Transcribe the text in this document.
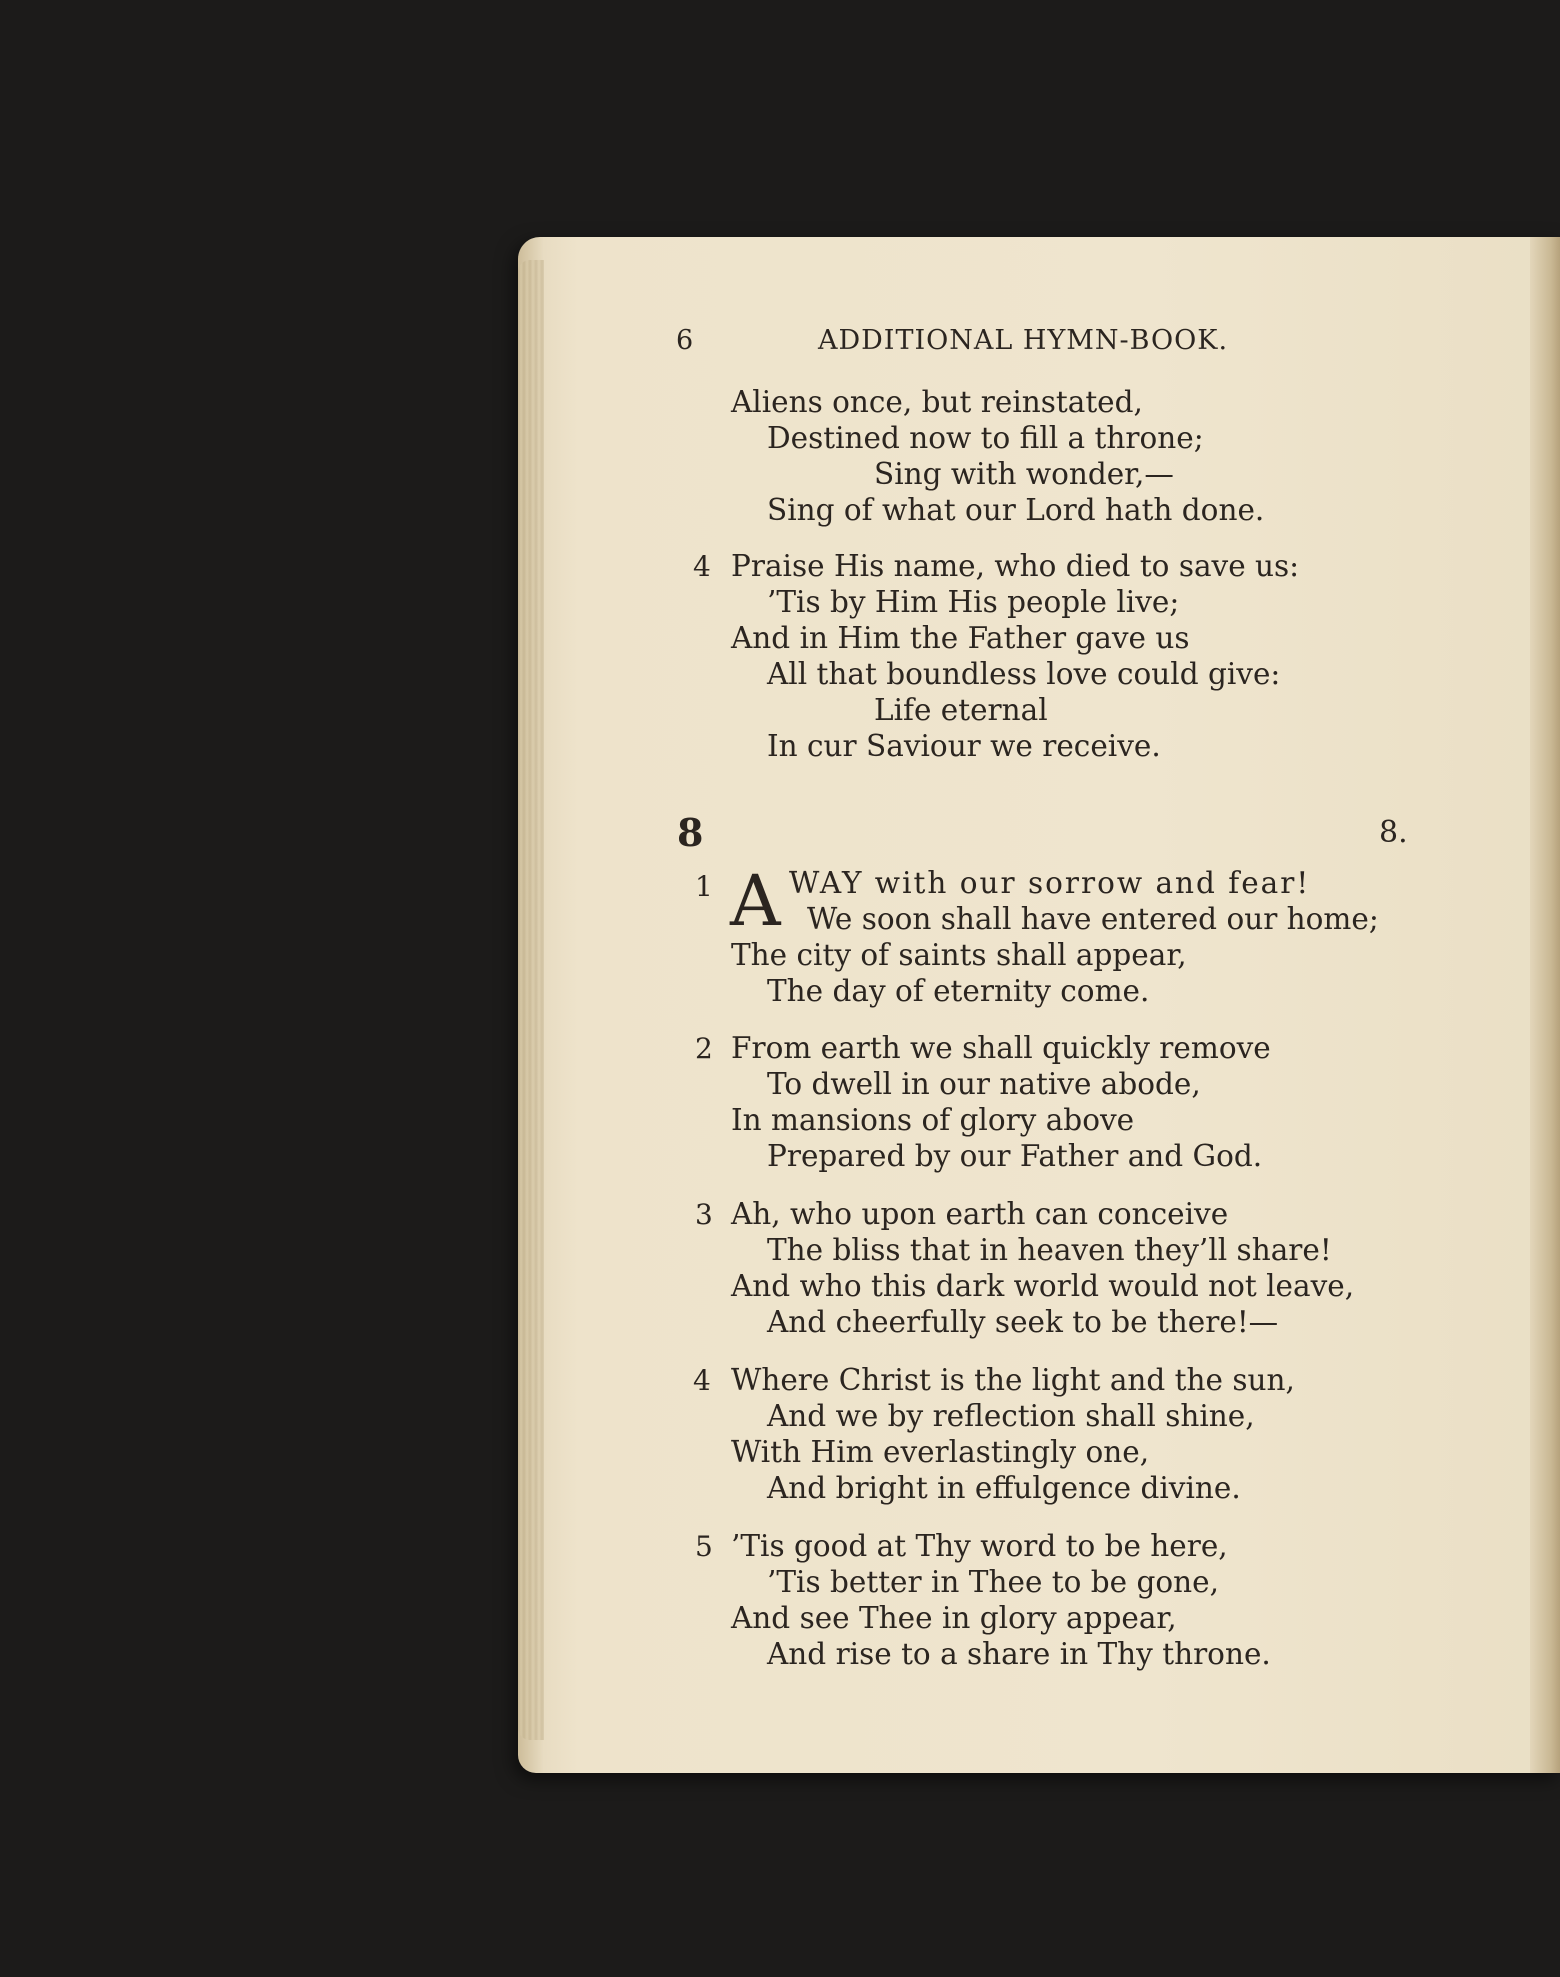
6	ADDITIONAL HYMN-BOOK.
Aliens once, but reinstated,
Destined now to fill a throne;
Sing with wonder,—
Sing of what our Lord hath done.
4 Praise His name, who died to save us:
’Tis by Him His people live;
And in Him the Father gave us
All that boundless love could give:
Life eternal
In cur Saviour we receive.
8	8.
1 A WAY with our sorrow and fear!
We soon shall have entered our home;
The city of saints shall appear,
The day of eternity come.
2 From earth we shall quickly remove
To dwell in our native abode,
In mansions of glory above
Prepared by our Father and God.
3 Ah, who upon earth can conceive
The bliss that in heaven they’ll share!
And who this dark world would not leave,
And cheerfully seek to be there!—
4 Where Christ is the light and the sun,
And we by reflection shall shine,
With Him everlastingly one,
And bright in effulgence divine.
5 ’Tis good at Thy word to be here,
’Tis better in Thee to be gone,
And see Thee in glory appear,
And rise to a share in Thy throne.
